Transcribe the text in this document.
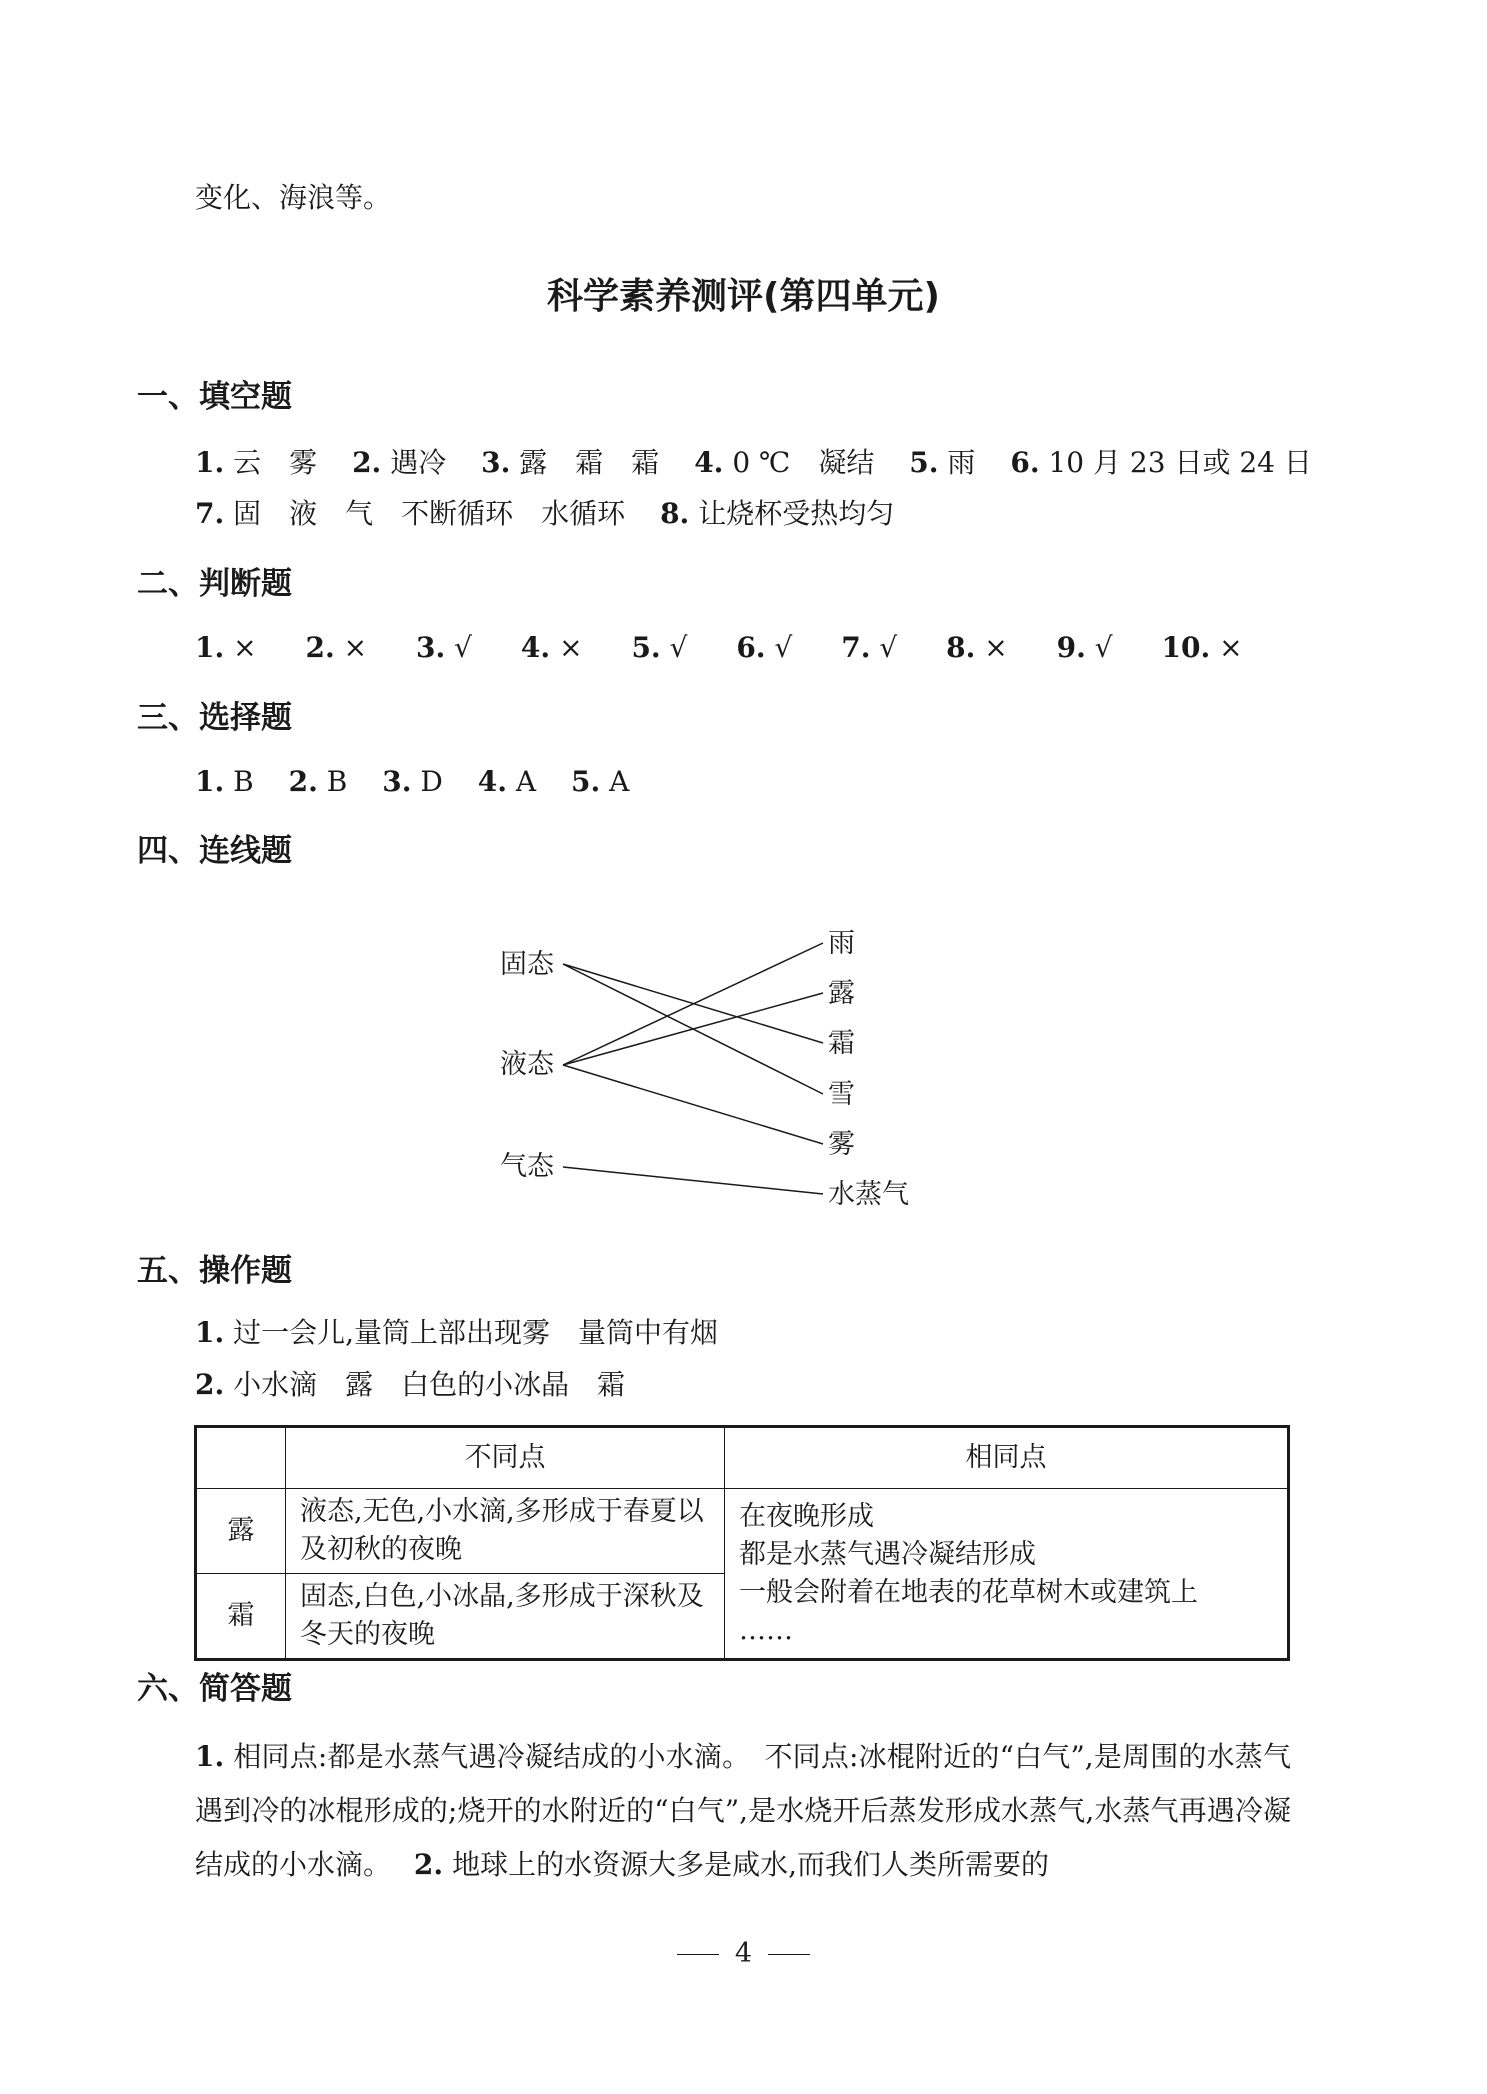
变化、海浪等。
科学素养测评(第四单元)
一、填空题
1. 云　雾 2. 遇冷 3. 露　霜　霜 4. 0 ℃　凝结 5. 雨 6. 10 月 23 日或 24 日
7. 固　液　气　不断循环　水循环 8. 让烧杯受热均匀
二、判断题
1. × 2. × 3. √ 4. × 5. √ 6. √ 7. √ 8. × 9. √ 10. ×
三、选择题
1. B 2. B 3. D 4. A 5. A
四、连线题
固态
液态
气态
雨
露
霜
雪
雾
水蒸气
五、操作题
1. 过一会儿,量筒上部出现雾　量筒中有烟
2. 小水滴　露　白色的小冰晶　霜
	不同点	相同点
露	液态,无色,小水滴,多形成于春夏以及初秋的夜晚	在夜晚形成
都是水蒸气遇冷凝结形成
一般会附着在地表的花草树木或建筑上
……

霜	固态,白色,小冰晶,多形成于深秋及冬天的夜晚	
六、简答题
1. 相同点:都是水蒸气遇冷凝结成的小水滴。　不同点:冰棍附近的“白气”,是周围的水蒸气遇到冷的冰棍形成的;烧开的水附近的“白气”,是水烧开后蒸发形成水蒸气,水蒸气再遇冷凝结成的小水滴。　 2. 地球上的水资源大多是咸水,而我们人类所需要的
4
